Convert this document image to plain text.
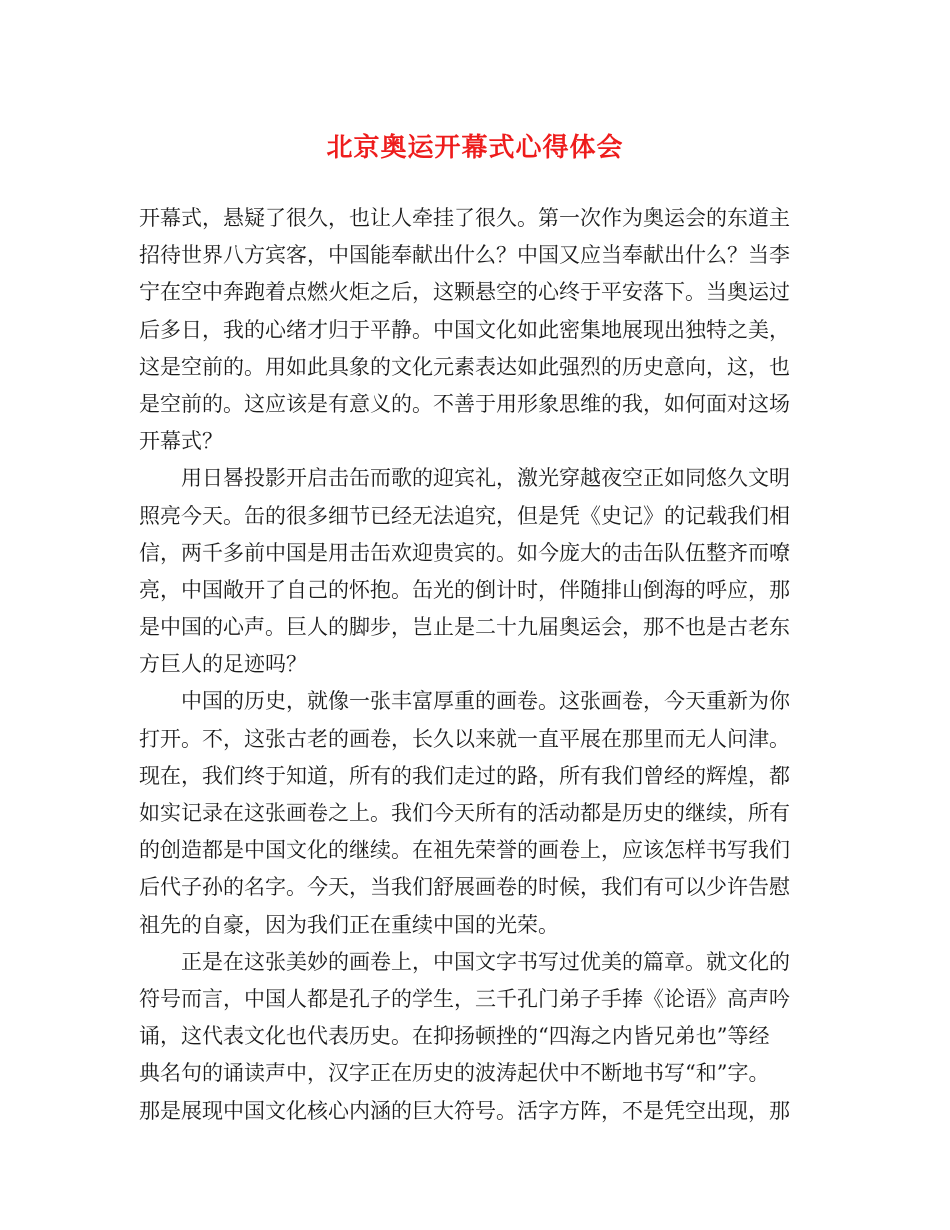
北京奥运开幕式心得体会

开幕式，悬疑了很久，也让人牵挂了很久。第一次作为奥运会的东道主
招待世界八方宾客，中国能奉献出什么？中国又应当奉献出什么？当李
宁在空中奔跑着点燃火炬之后，这颗悬空的心终于平安落下。当奥运过
后多日，我的心绪才归于平静。中国文化如此密集地展现出独特之美，
这是空前的。用如此具象的文化元素表达如此强烈的历史意向，这，也
是空前的。这应该是有意义的。不善于用形象思维的我，如何面对这场
开幕式？

用日晷投影开启击缶而歌的迎宾礼，激光穿越夜空正如同悠久文明
照亮今天。缶的很多细节已经无法追究，但是凭《史记》的记载我们相
信，两千多前中国是用击缶欢迎贵宾的。如今庞大的击缶队伍整齐而嘹
亮，中国敞开了自己的怀抱。缶光的倒计时，伴随排山倒海的呼应，那
是中国的心声。巨人的脚步，岂止是二十九届奥运会，那不也是古老东
方巨人的足迹吗？

中国的历史，就像一张丰富厚重的画卷。这张画卷，今天重新为你
打开。不，这张古老的画卷，长久以来就一直平展在那里而无人问津。
现在，我们终于知道，所有的我们走过的路，所有我们曾经的辉煌，都
如实记录在这张画卷之上。我们今天所有的活动都是历史的继续，所有
的创造都是中国文化的继续。在祖先荣誉的画卷上，应该怎样书写我们
后代子孙的名字。今天，当我们舒展画卷的时候，我们有可以少许告慰
祖先的自豪，因为我们正在重续中国的光荣。

正是在这张美妙的画卷上，中国文字书写过优美的篇章。就文化的
符号而言，中国人都是孔子的学生，三千孔门弟子手捧《论语》高声吟
诵，这代表文化也代表历史。在抑扬顿挫的“四海之内皆兄弟也”等经
典名句的诵读声中，汉字正在历史的波涛起伏中不断地书写“和”字。
那是展现中国文化核心内涵的巨大符号。活字方阵，不是凭空出现，那
